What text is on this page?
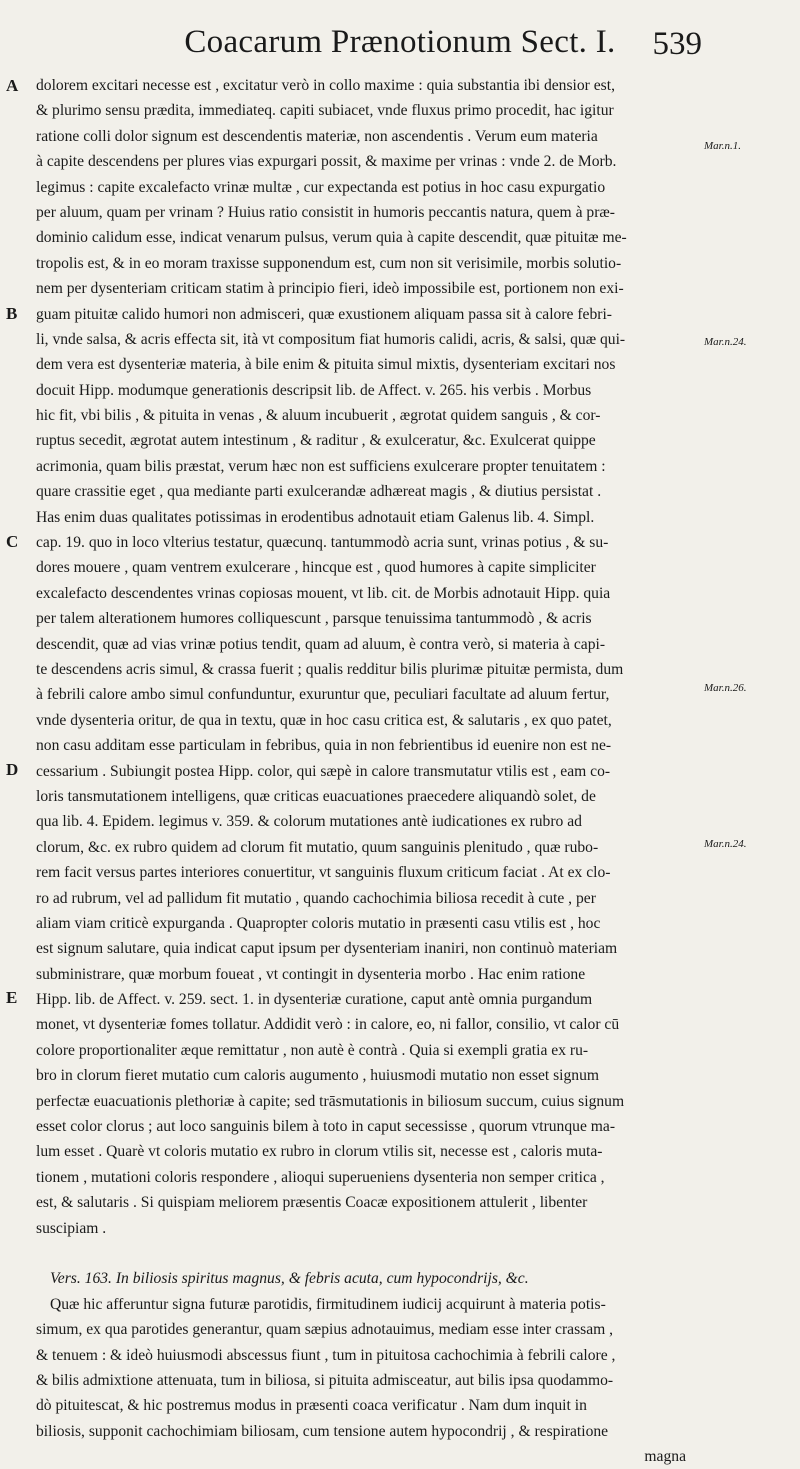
Coacarum Prænotionum Sect. I.	539
A
B
C
D
E
Mar.n.1.
Mar.n.24.
Mar.n.26.
Mar.n.24.
dolorem excitari necesse est , excitatur verò in collo maxime : quia substantia ibi densior est,
& plurimo sensu prædita, immediateq. capiti subiacet, vnde fluxus primo procedit, hac igitur
ratione colli dolor signum est descendentis materiæ, non ascendentis . Verum eum materia
à capite descendens per plures vias expurgari possit, & maxime per vrinas : vnde 2. de Morb.
legimus : capite excalefacto vrinæ multæ , cur expectanda est potius in hoc casu expurgatio
per aluum, quam per vrinam ? Huius ratio consistit in humoris peccantis natura, quem à præ-
dominio calidum esse, indicat venarum pulsus, verum quia à capite descendit, quæ pituitæ me-
tropolis est, & in eo moram traxisse supponendum est, cum non sit verisimile, morbis solutio-
nem per dysenteriam criticam statim à principio fieri, ideò impossibile est, portionem non exi-
guam pituitæ calido humori non admisceri, quæ exustionem aliquam passa sit à calore febri-
li, vnde salsa, & acris effecta sit, ità vt compositum fiat humoris calidi, acris, & salsi, quæ qui-
dem vera est dysenteriæ materia, à bile enim & pituita simul mixtis, dysenteriam excitari nos
docuit Hipp. modumque generationis descripsit lib. de Affect. v. 265. his verbis . Morbus
hic fit, vbi bilis , & pituita in venas , & aluum incubuerit , ægrotat quidem sanguis , & cor-
ruptus secedit, ægrotat autem intestinum , & raditur , & exulceratur, &c. Exulcerat quippe
acrimonia, quam bilis præstat, verum hæc non est sufficiens exulcerare propter tenuitatem :
quare crassitie eget , qua mediante parti exulcerandæ adhæreat magis , & diutius persistat .
Has enim duas qualitates potissimas in erodentibus adnotauit etiam Galenus lib. 4. Simpl.
cap. 19. quo in loco vlterius testatur, quæcunq. tantummodò acria sunt, vrinas potius , & su-
dores mouere , quam ventrem exulcerare , hincque est , quod humores à capite simpliciter
excalefacto descendentes vrinas copiosas mouent, vt lib. cit. de Morbis adnotauit Hipp. quia
per talem alterationem humores colliquescunt , parsque tenuissima tantummodò , & acris
descendit, quæ ad vias vrinæ potius tendit, quam ad aluum, è contra verò, si materia à capi-
te descendens acris simul, & crassa fuerit ; qualis redditur bilis plurimæ pituitæ permista, dum
à febrili calore ambo simul confunduntur, exuruntur que, peculiari facultate ad aluum fertur,
vnde dysenteria oritur, de qua in textu, quæ in hoc casu critica est, & salutaris , ex quo patet,
non casu additam esse particulam in febribus, quia in non febrientibus id euenire non est ne-
cessarium . Subiungit postea Hipp. color, qui sæpè in calore transmutatur vtilis est , eam co-
loris tansmutationem intelligens, quæ criticas euacuationes praecedere aliquandò solet, de
qua lib. 4. Epidem. legimus v. 359. & colorum mutationes antè iudicationes ex rubro ad
clorum, &c. ex rubro quidem ad clorum fit mutatio, quum sanguinis plenitudo , quæ rubo-
rem facit versus partes interiores conuertitur, vt sanguinis fluxum criticum faciat . At ex clo-
ro ad rubrum, vel ad pallidum fit mutatio , quando cachochimia biliosa recedit à cute , per
aliam viam criticè expurganda . Quapropter coloris mutatio in præsenti casu vtilis est , hoc
est signum salutare, quia indicat caput ipsum per dysenteriam inaniri, non continuò materiam
subministrare, quæ morbum foueat , vt contingit in dysenteria morbo . Hac enim ratione
Hipp. lib. de Affect. v. 259. sect. 1. in dysenteriæ curatione, caput antè omnia purgandum
monet, vt dysenteriæ fomes tollatur. Addidit verò : in calore, eo, ni fallor, consilio, vt calor cū
colore proportionaliter æque remittatur , non autè è contrà . Quia si exempli gratia ex ru-
bro in clorum fieret mutatio cum caloris augumento , huiusmodi mutatio non esset signum
perfectæ euacuationis plethoriæ à capite; sed trāsmutationis in biliosum succum, cuius signum
esset color clorus ; aut loco sanguinis bilem à toto in caput secessisse , quorum vtrunque ma-
lum esset . Quarè vt coloris mutatio ex rubro in clorum vtilis sit, necesse est , caloris muta-
tionem , mutationi coloris respondere , alioqui superueniens dysenteria non semper critica ,
est, & salutaris . Si quispiam meliorem præsentis Coacæ expositionem attulerit , libenter
suscipiam .
Vers. 163. In biliosis spiritus magnus, & febris acuta, cum hypocondrijs, &c.
Quæ hic afferuntur signa futuræ parotidis, firmitudinem iudicij acquirunt à materia potis-
simum, ex qua parotides generantur, quam sæpius adnotauimus, mediam esse inter crassam ,
& tenuem : & ideò huiusmodi abscessus fiunt , tum in pituitosa cachochimia à febrili calore ,
& bilis admixtione attenuata, tum in biliosa, si pituita admisceatur, aut bilis ipsa quodammo-
dò pituitescat, & hic postremus modus in præsenti coaca verificatur . Nam dum inquit in
biliosis, supponit cachochimiam biliosam, cum tensione autem hypocondrij , & respiratione
magna
